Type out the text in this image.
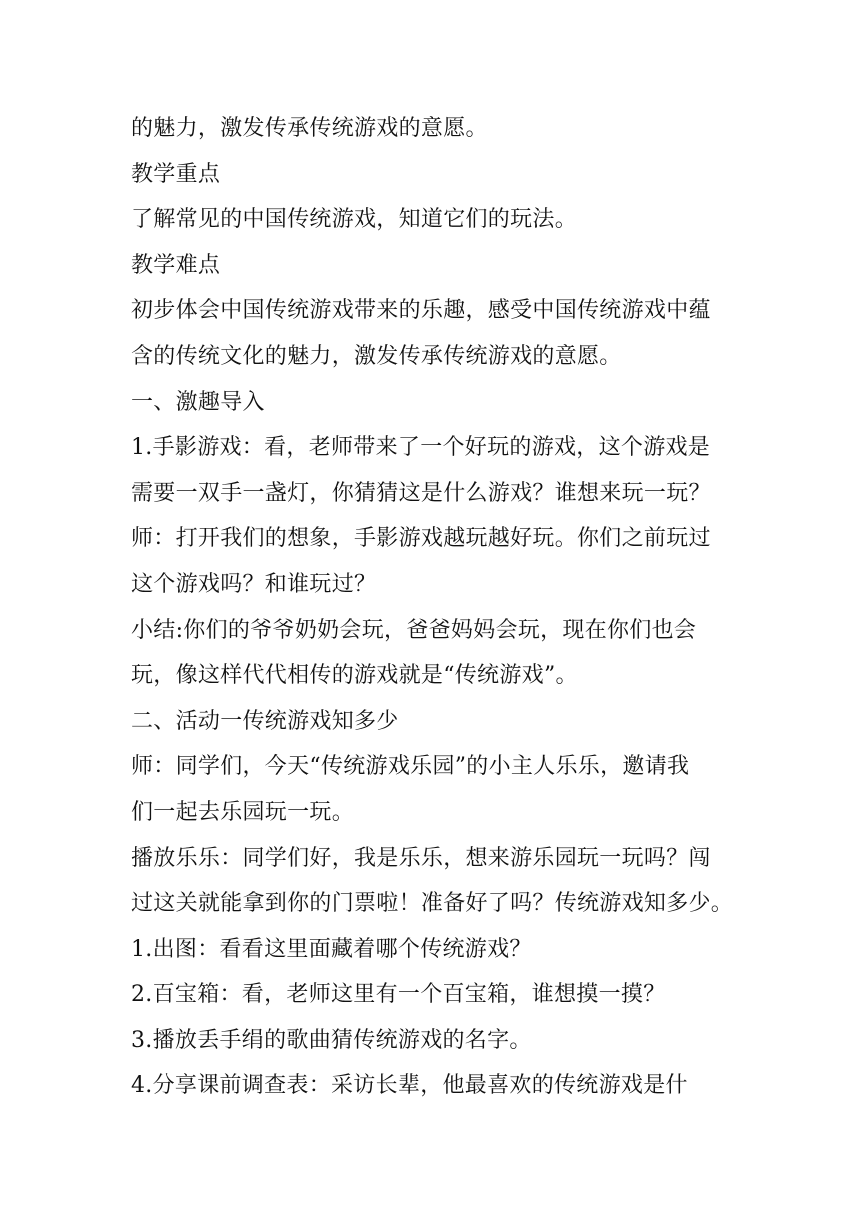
的魅力，激发传承传统游戏的意愿。
教学重点
了解常见的中国传统游戏，知道它们的玩法。
教学难点
初步体会中国传统游戏带来的乐趣，感受中国传统游戏中蕴
含的传统文化的魅力，激发传承传统游戏的意愿。
一、激趣导入
1.手影游戏：看，老师带来了一个好玩的游戏，这个游戏是
需要一双手一盏灯，你猜猜这是什么游戏？谁想来玩一玩？
师：打开我们的想象，手影游戏越玩越好玩。你们之前玩过
这个游戏吗？和谁玩过？
小结:你们的爷爷奶奶会玩，爸爸妈妈会玩，现在你们也会
玩，像这样代代相传的游戏就是“传统游戏”。
二、活动一传统游戏知多少
师：同学们，今天“传统游戏乐园”的小主人乐乐，邀请我
们一起去乐园玩一玩。
播放乐乐：同学们好，我是乐乐，想来游乐园玩一玩吗？闯
过这关就能拿到你的门票啦！准备好了吗？传统游戏知多少。
1.出图：看看这里面藏着哪个传统游戏？
2.百宝箱：看，老师这里有一个百宝箱，谁想摸一摸？
3.播放丢手绢的歌曲猜传统游戏的名字。
4.分享课前调查表：采访长辈，他最喜欢的传统游戏是什
